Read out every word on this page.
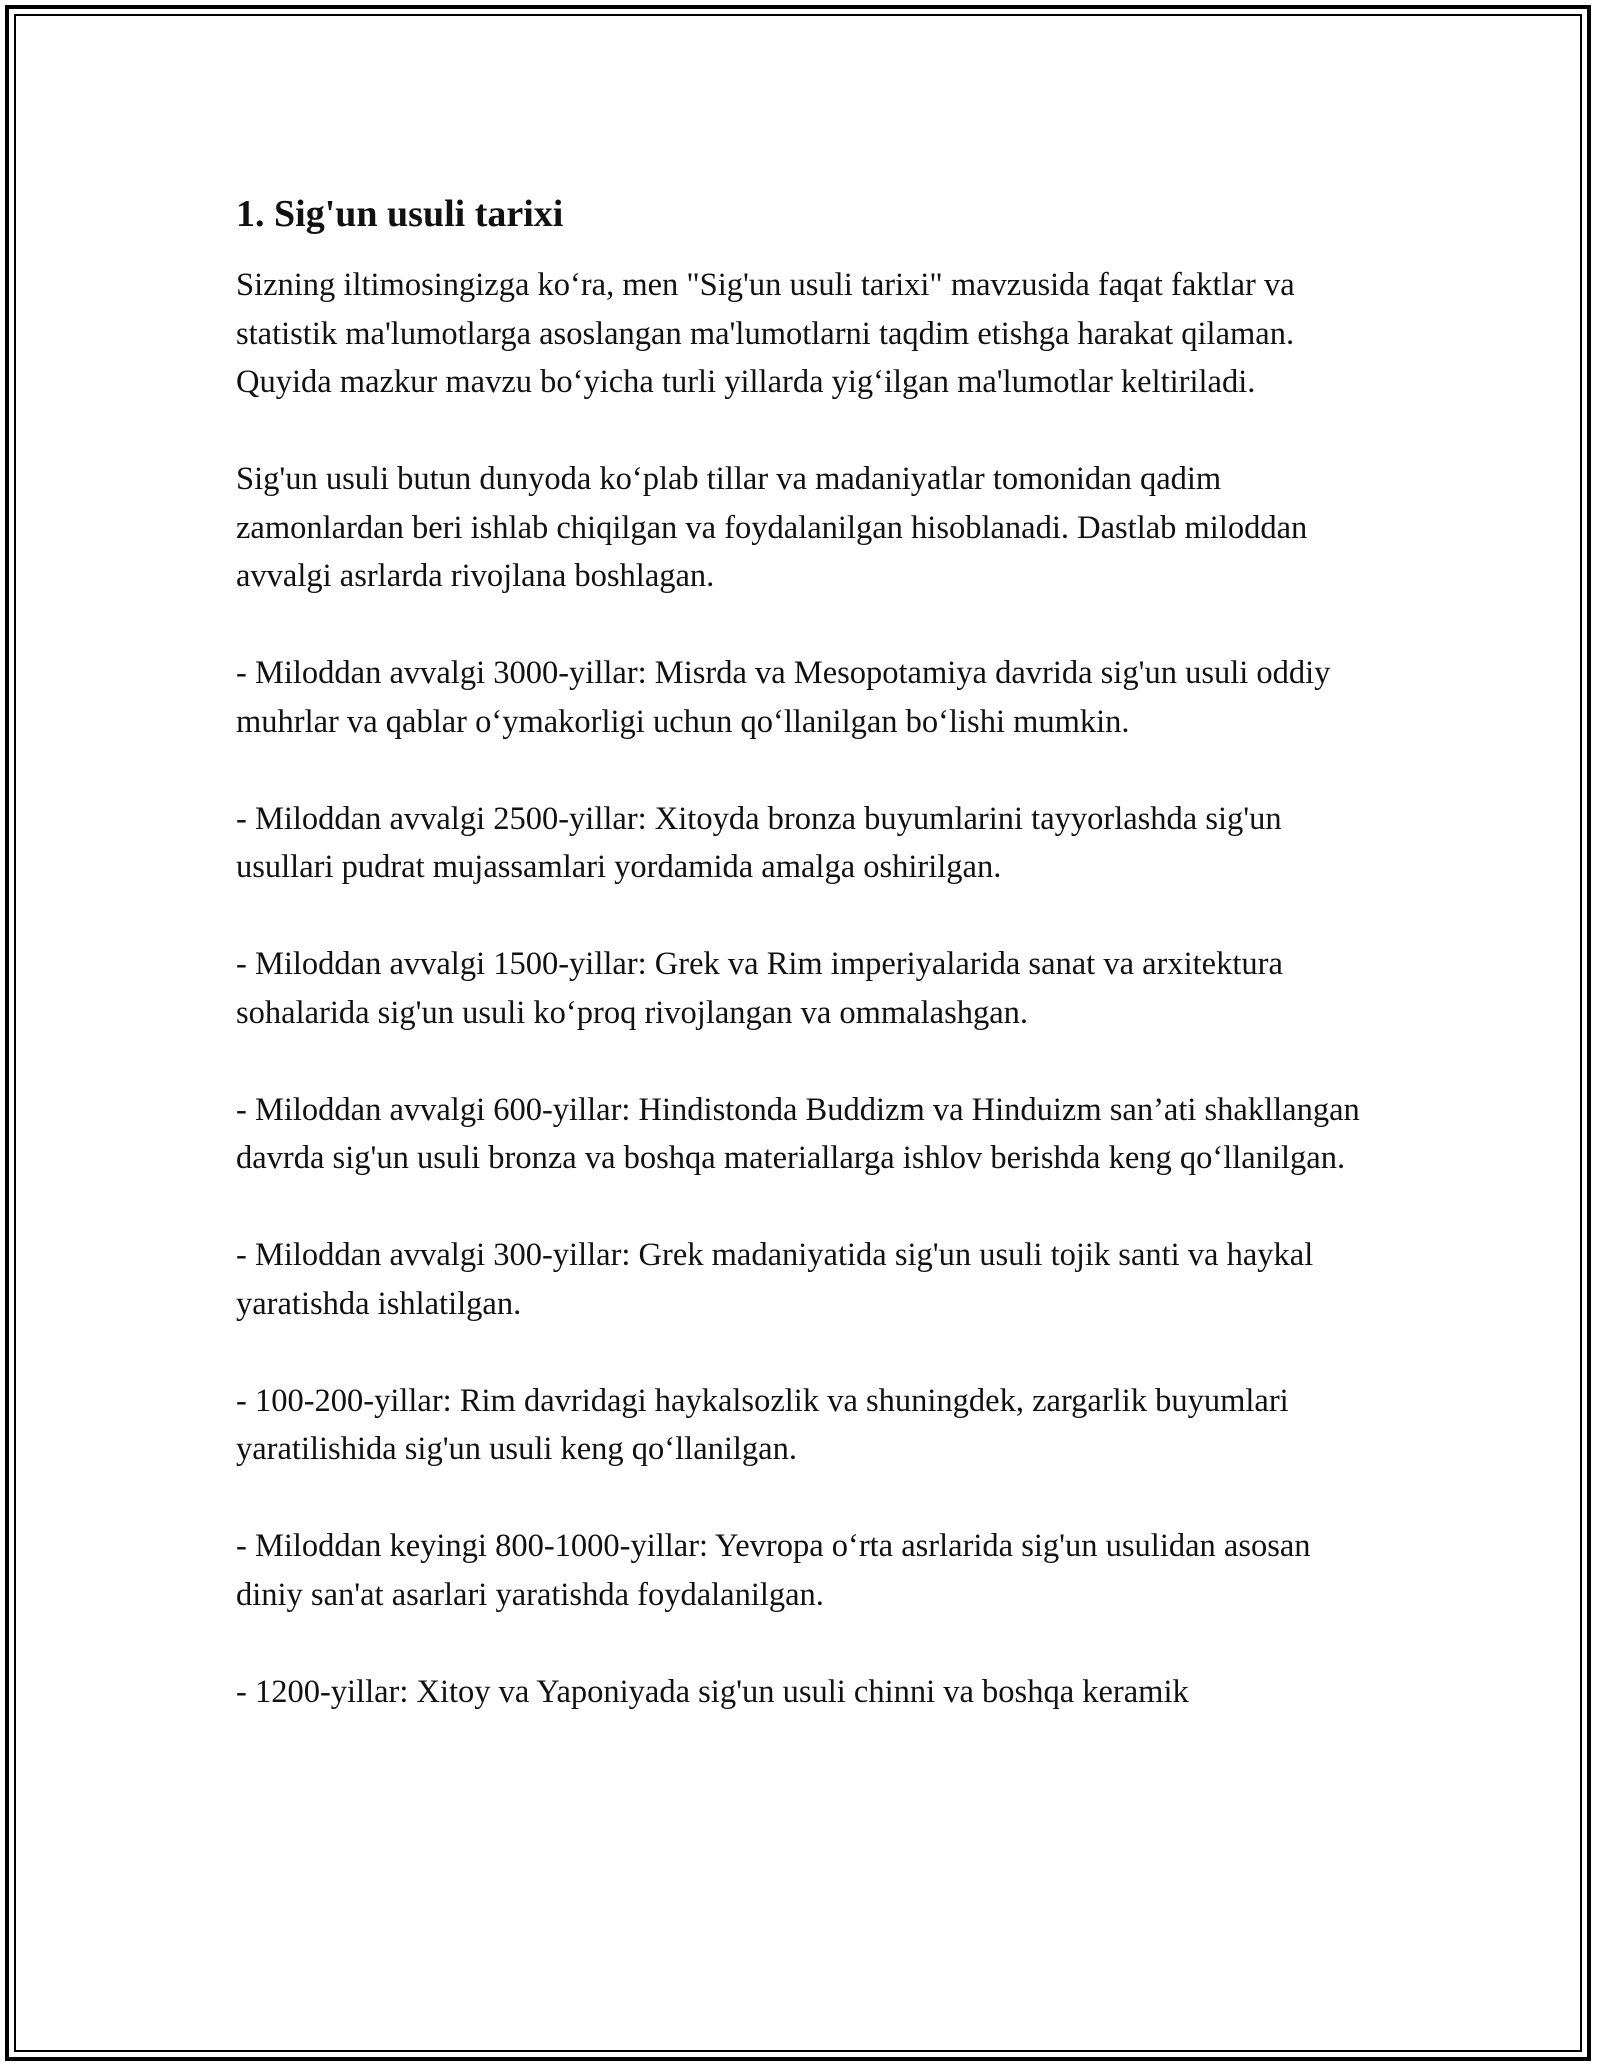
1. Sig'un usuli tarixi

Sizning iltimosingizga ko‘ra, men "Sig'un usuli tarixi" mavzusida faqat faktlar va statistik ma'lumotlarga asoslangan ma'lumotlarni taqdim etishga harakat qilaman. Quyida mazkur mavzu bo‘yicha turli yillarda yig‘ilgan ma'lumotlar keltiriladi.

Sig'un usuli butun dunyoda ko‘plab tillar va madaniyatlar tomonidan qadim zamonlardan beri ishlab chiqilgan va foydalanilgan hisoblanadi. Dastlab miloddan avvalgi asrlarda rivojlana boshlagan.

- Miloddan avvalgi 3000-yillar: Misrda va Mesopotamiya davrida sig'un usuli oddiy muhrlar va qablar o‘ymakorligi uchun qo‘llanilgan bo‘lishi mumkin.

- Miloddan avvalgi 2500-yillar: Xitoyda bronza buyumlarini tayyorlashda sig'un usullari pudrat mujassamlari yordamida amalga oshirilgan.

- Miloddan avvalgi 1500-yillar: Grek va Rim imperiyalarida sanat va arxitektura sohalarida sig'un usuli ko‘proq rivojlangan va ommalashgan.

- Miloddan avvalgi 600-yillar: Hindistonda Buddizm va Hinduizm san’ati shakllangan davrda sig'un usuli bronza va boshqa materiallarga ishlov berishda keng qo‘llanilgan.

- Miloddan avvalgi 300-yillar: Grek madaniyatida sig'un usuli tojik santi va haykal yaratishda ishlatilgan.

- 100-200-yillar: Rim davridagi haykalsozlik va shuningdek, zargarlik buyumlari yaratilishida sig'un usuli keng qo‘llanilgan.

- Miloddan keyingi 800-1000-yillar: Yevropa o‘rta asrlarida sig'un usulidan asosan diniy san'at asarlari yaratishda foydalanilgan.

- 1200-yillar: Xitoy va Yaponiyada sig'un usuli chinni va boshqa keramik
